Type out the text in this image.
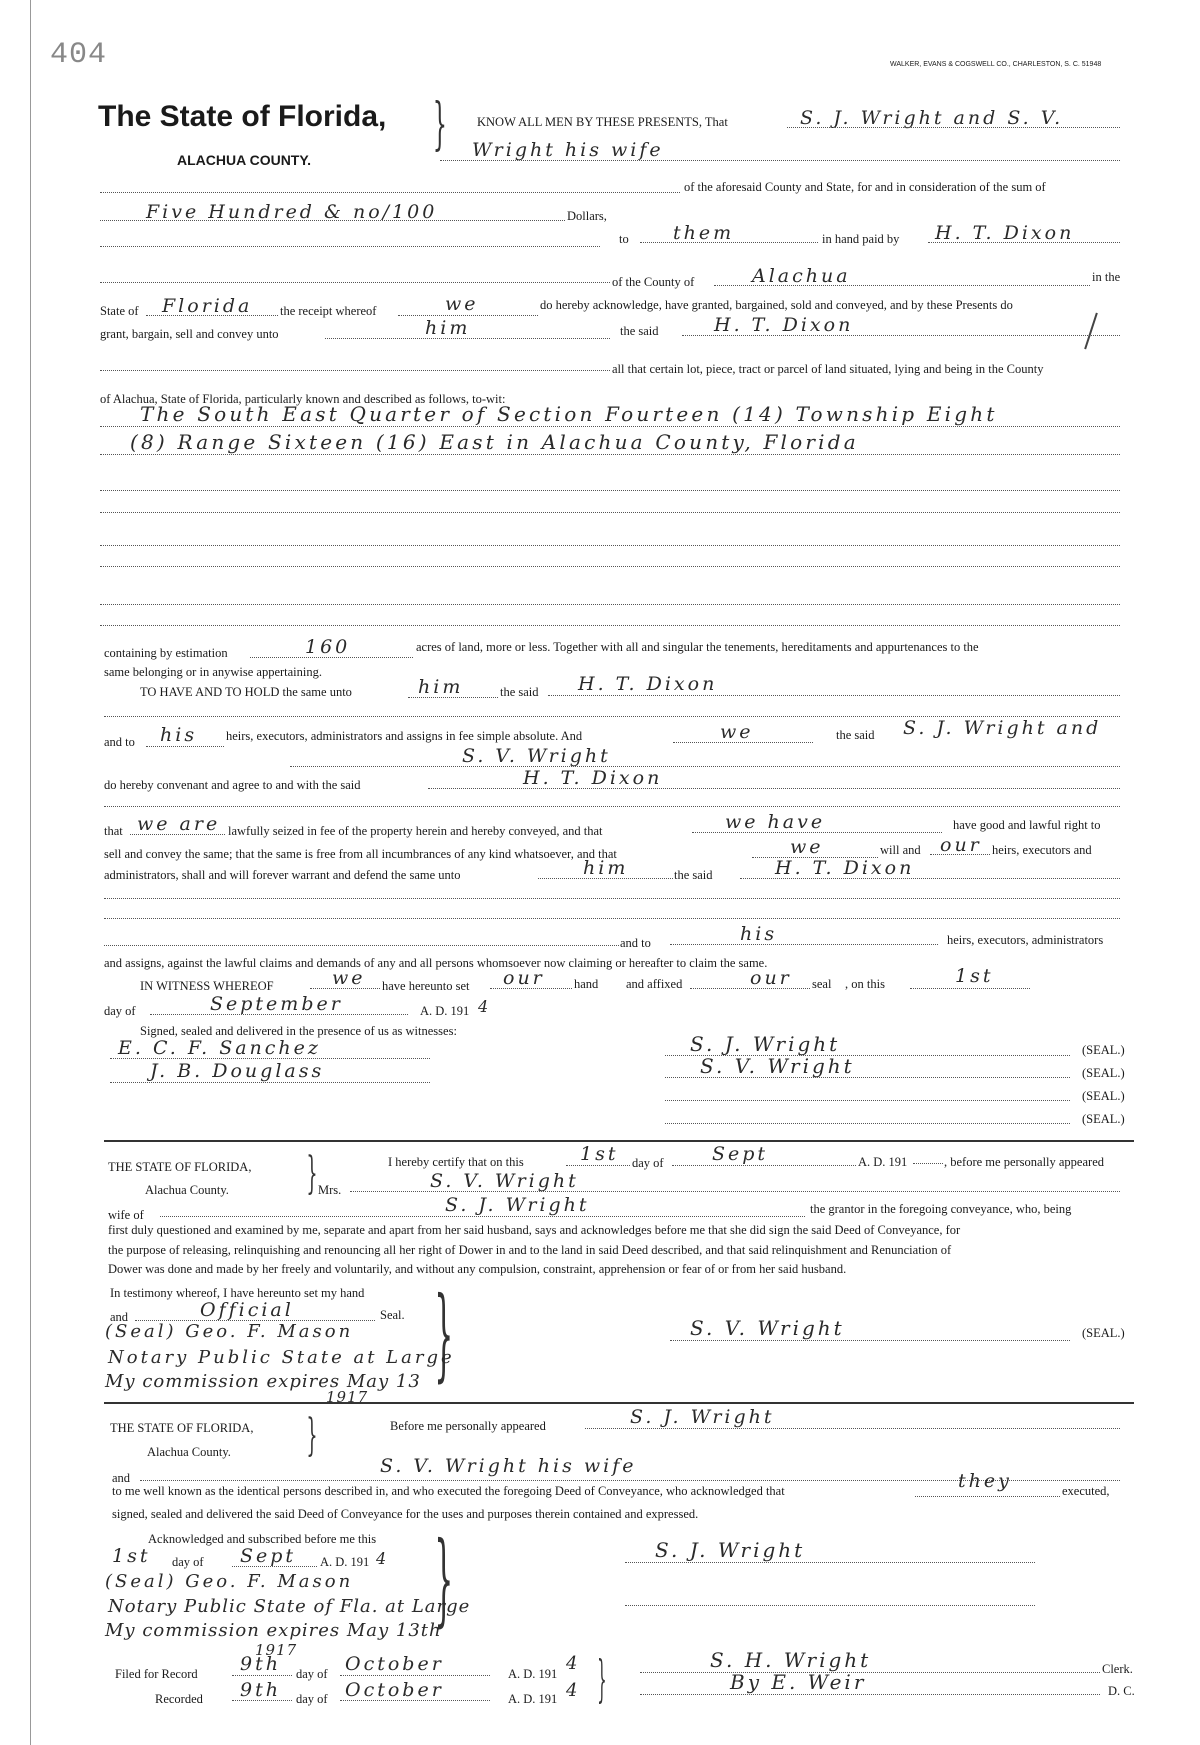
404	WALKER, EVANS & COGSWELL CO., CHARLESTON, S. C. 51948
The State of Florida, }
ALACHUA COUNTY.
KNOW ALL MEN BY THESE PRESENTS, That	S. J. Wright and S. V.
Wright his wife
of the aforesaid County and State, for and in consideration of the sum of
Five Hundred & no/100	Dollars,
to them	in hand paid by H. T. Dixon
of the County of	Alachua	in the
State of Florida the receipt whereof	we	do hereby acknowledge, have granted, bargained, sold and conveyed, and by these Presents do
grant, bargain, sell and convey unto	him	the said	H. T. Dixon
all that certain lot, piece, tract or parcel of land situated, lying and being in the County
of Alachua, State of Florida, particularly known and described as follows, to-wit:
The South East Quarter of Section Fourteen (14) Township Eight
(8) Range Sixteen (16) East in Alachua County, Florida
containing by estimation	160	acres of land, more or less. Together with all and singular the tenements, hereditaments and appurtenances to the
same belonging or in anywise appertaining.
TO HAVE AND TO HOLD the same unto	him	the said H. T. Dixon
and to his heirs, executors, administrators and assigns in fee simple absolute. And	we	the said S. J. Wright and
S. V. Wright
do hereby convenant and agree to and with the said	H. T. Dixon
that we are lawfully seized in fee of the property herein and hereby conveyed, and that	we have	have good and lawful right to
sell and convey the same; that the same is free from all incumbrances of any kind whatsoever, and that	we	will and our heirs, executors and
administrators, shall and will forever warrant and defend the same unto	him	the said	H. T. Dixon
and to	his	heirs, executors, administrators
and assigns, against the lawful claims and demands of any and all persons whomsoever now claiming or hereafter to claim the same.
IN WITNESS WHEREOF	we have hereunto set our hand and affixed	our seal , on this	1st
day of	September	A. D. 191 4
Signed, sealed and delivered in the presence of us as witnesses:
E. C. F. Sanchez
J. B. Douglass
S. J. Wright	(SEAL.)
S. V. Wright	(SEAL.)
(SEAL.)
(SEAL.)
THE STATE OF FLORIDA,
Alachua County. }	I hereby certify that on this	1st day of	Sept	A. D. 191	, before me personally appeared
Mrs.	S. V. Wright
wife of	S. J. Wright	the grantor in the foregoing conveyance, who, being
first duly questioned and examined by me, separate and apart from her said husband, says and acknowledges before me that she did sign the said Deed of Conveyance, for
the purpose of releasing, relinquishing and renouncing all her right of Dower in and to the land in said Deed described, and that said relinquishment and Renunciation of
Dower was done and made by her freely and voluntarily, and without any compulsion, constraint, apprehension or fear of or from her said husband.
In testimony whereof, I have hereunto set my hand
and	Official	Seal. }
(Seal) Geo. F. Mason
Notary Public State at Large
My commission expires May 13
1917
S. V. Wright	(SEAL.)
THE STATE OF FLORIDA,
Alachua County. }	Before me personally appeared	S. J. Wright
and
S. V. Wright his wife
to me well known as the identical persons described in, and who executed the foregoing Deed of Conveyance, who acknowledged that	they	executed,
signed, sealed and delivered the said Deed of Conveyance for the uses and purposes therein contained and expressed.
Acknowledged and subscribed before me this
1st day of Sept A. D. 191 4 }
(Seal) Geo. F. Mason
Notary Public State of Fla. at Large
My commission expires May 13th
1917
S. J. Wright
Filed for Record 9th day of October	A. D. 191 4
Recorded 9th day of October	A. D. 191 4 }	S. H. Wright	Clerk.
By E. Weir	D. C.
